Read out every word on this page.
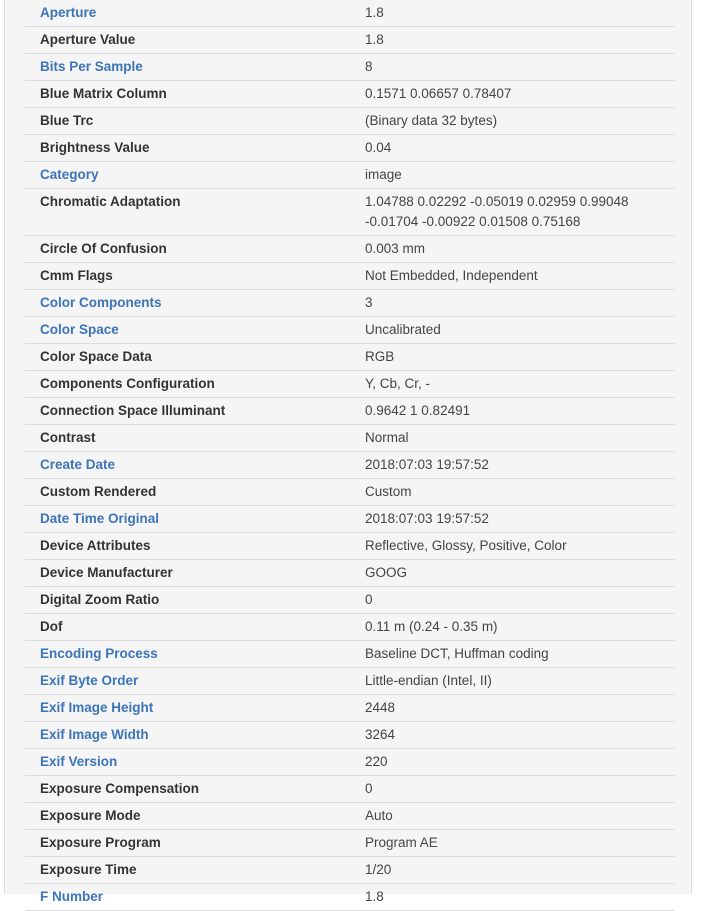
Aperture	1.8
Aperture Value	1.8
Bits Per Sample	8
Blue Matrix Column	0.1571 0.06657 0.78407
Blue Trc	(Binary data 32 bytes)
Brightness Value	0.04
Category	image
Chromatic Adaptation	1.04788 0.02292 -0.05019 0.02959 0.99048 -0.01704 -0.00922 0.01508 0.75168
Circle Of Confusion	0.003 mm
Cmm Flags	Not Embedded, Independent
Color Components	3
Color Space	Uncalibrated
Color Space Data	RGB
Components Configuration	Y, Cb, Cr, -
Connection Space Illuminant	0.9642 1 0.82491
Contrast	Normal
Create Date	2018:07:03 19:57:52
Custom Rendered	Custom
Date Time Original	2018:07:03 19:57:52
Device Attributes	Reflective, Glossy, Positive, Color
Device Manufacturer	GOOG
Digital Zoom Ratio	0
Dof	0.11 m (0.24 - 0.35 m)
Encoding Process	Baseline DCT, Huffman coding
Exif Byte Order	Little-endian (Intel, II)
Exif Image Height	2448
Exif Image Width	3264
Exif Version	220
Exposure Compensation	0
Exposure Mode	Auto
Exposure Program	Program AE
Exposure Time	1/20
F Number	1.8
